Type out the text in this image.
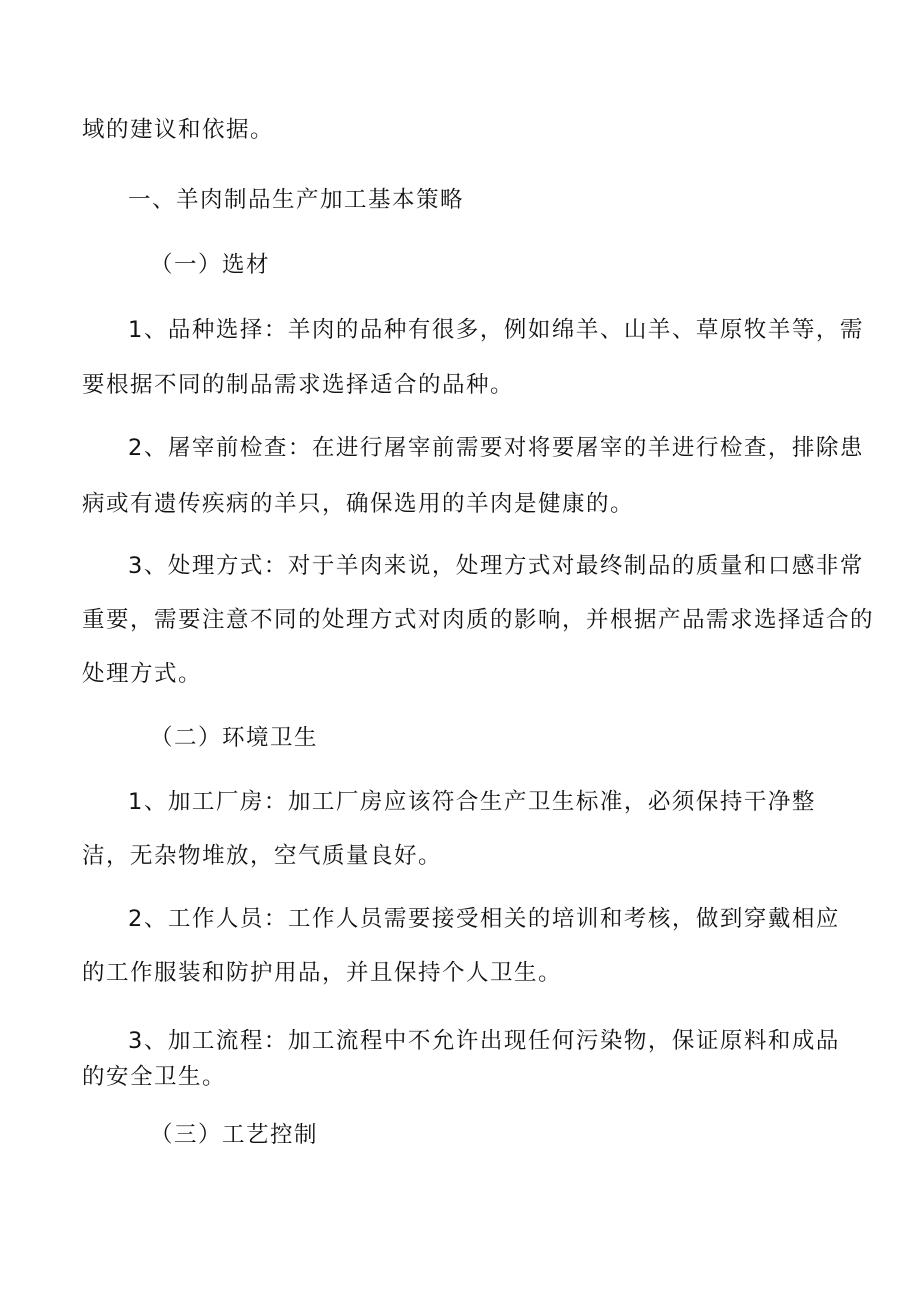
域的建议和依据。
一、羊肉制品生产加工基本策略
（一）选材
1、品种选择：羊肉的品种有很多，例如绵羊、山羊、草原牧羊等，需
要根据不同的制品需求选择适合的品种。
2、屠宰前检查：在进行屠宰前需要对将要屠宰的羊进行检查，排除患
病或有遗传疾病的羊只，确保选用的羊肉是健康的。
3、处理方式：对于羊肉来说，处理方式对最终制品的质量和口感非常
重要，需要注意不同的处理方式对肉质的影响，并根据产品需求选择适合的
处理方式。
（二）环境卫生
1、加工厂房：加工厂房应该符合生产卫生标准，必须保持干净整
洁，无杂物堆放，空气质量良好。
2、工作人员：工作人员需要接受相关的培训和考核，做到穿戴相应
的工作服装和防护用品，并且保持个人卫生。
3、加工流程：加工流程中不允许出现任何污染物，保证原料和成品
的安全卫生。
（三）工艺控制
